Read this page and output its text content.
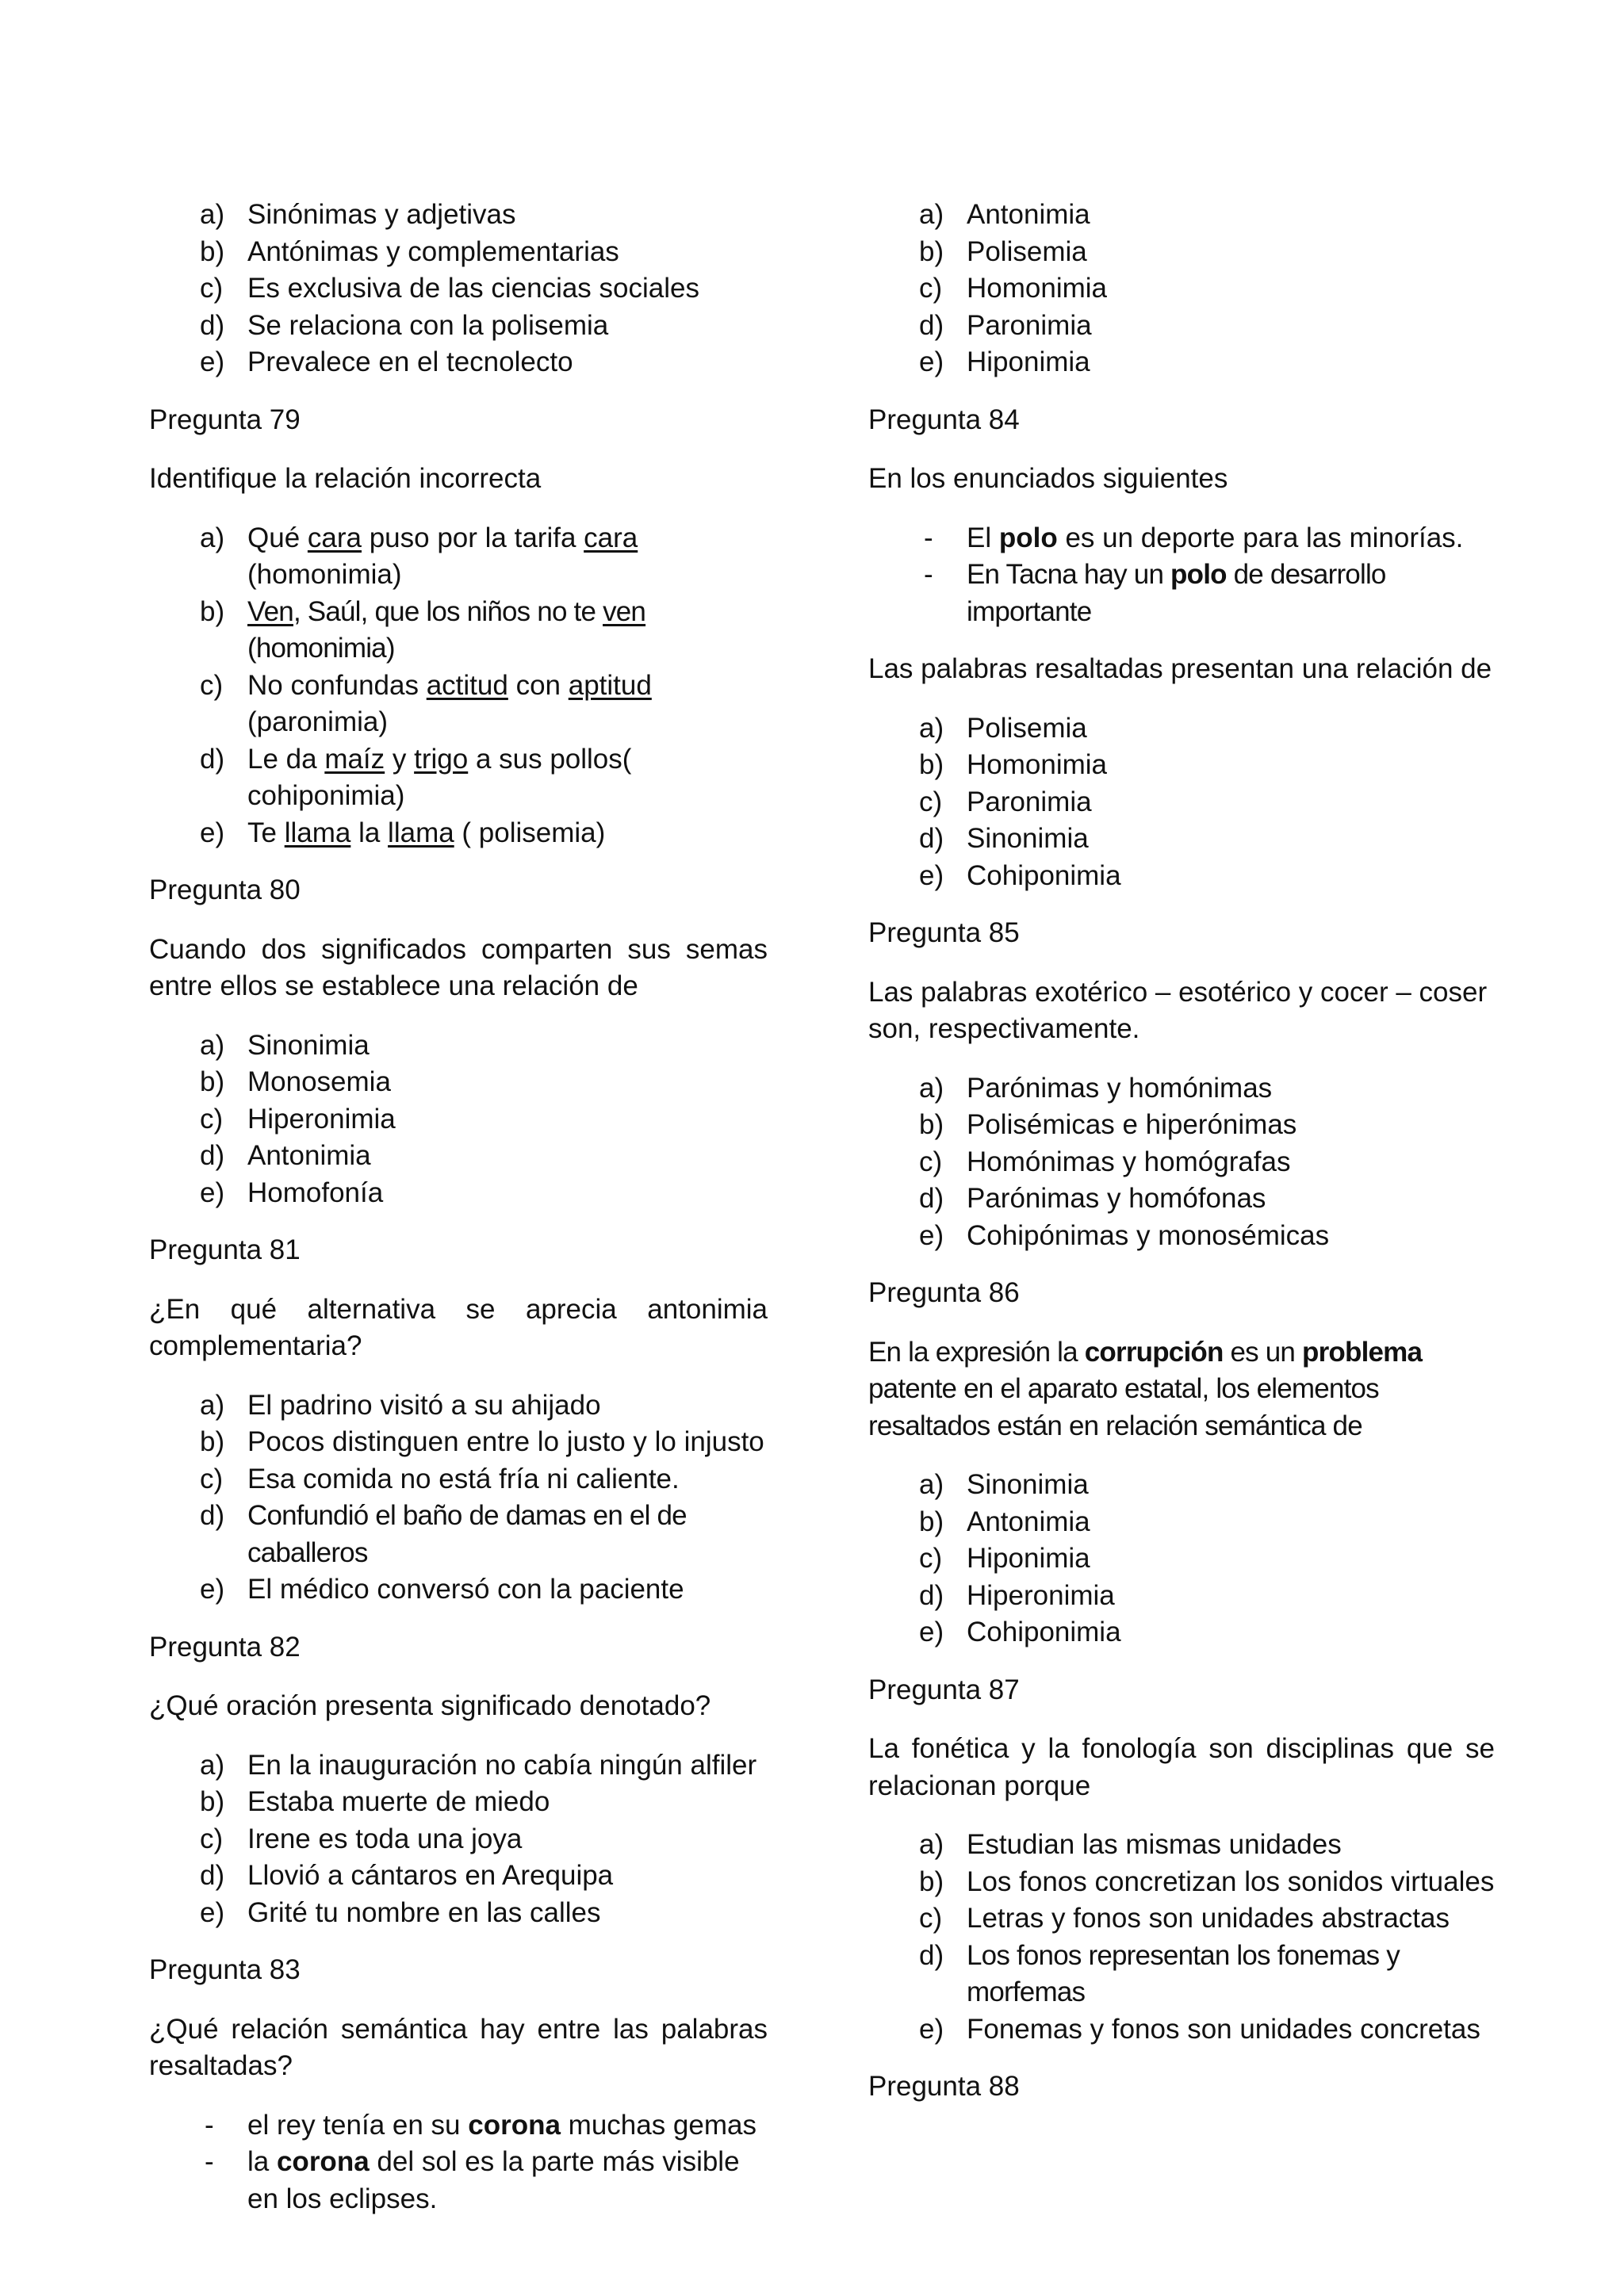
a) Sinónimas y adjetivas
b) Antónimas y complementarias
c) Es exclusiva de las ciencias sociales
d) Se relaciona con la polisemia
e) Prevalece en el tecnolecto
Pregunta 79
Identifique la relación incorrecta
a) Qué cara puso por la tarifa cara (homonimia)
b) Ven, Saúl, que los niños no te ven (homonimia)
c) No confundas actitud con aptitud (paronimia)
d) Le da maíz y trigo a sus pollos( cohiponimia)
e) Te llama la llama ( polisemia)
Pregunta 80
Cuando dos significados comparten sus semas entre ellos se establece una relación de
a) Sinonimia
b) Monosemia
c) Hiperonimia
d) Antonimia
e) Homofonía
Pregunta 81
¿En qué alternativa se aprecia antonimia
complementaria?
a) El padrino visitó a su ahijado
b) Pocos distinguen entre lo justo y lo injusto
c) Esa comida no está fría ni caliente.
d) Confundió el baño de damas en el de caballeros
e) El médico conversó con la paciente
Pregunta 82
¿Qué oración presenta significado denotado?
a) En la inauguración no cabía ningún alfiler
b) Estaba muerte de miedo
c) Irene es toda una joya
d) Llovió a cántaros en Arequipa
e) Grité tu nombre en las calles
Pregunta 83
¿Qué relación semántica hay entre las palabras
resaltadas?
-	el rey tenía en su corona muchas gemas
-	la corona del sol es la parte más visible en los eclipses.
a) Antonimia
b) Polisemia
c) Homonimia
d) Paronimia
e) Hiponimia
Pregunta 84
En los enunciados siguientes
-	El polo es un deporte para las minorías.
-	En Tacna hay un polo de desarrollo importante
Las palabras resaltadas presentan una relación de
a) Polisemia
b) Homonimia
c) Paronimia
d) Sinonimia
e) Cohiponimia
Pregunta 85
Las palabras exotérico – esotérico y cocer – coser son, respectivamente.
a) Parónimas y homónimas
b) Polisémicas e hiperónimas
c) Homónimas y homógrafas
d) Parónimas y homófonas
e) Cohipónimas y monosémicas
Pregunta 86
En la expresión la corrupción es un problema patente en el aparato estatal, los elementos resaltados están en relación semántica de
a) Sinonimia
b) Antonimia
c) Hiponimia
d) Hiperonimia
e) Cohiponimia
Pregunta 87
La fonética y la fonología son disciplinas que se relacionan porque
a) Estudian las mismas unidades
b) Los fonos concretizan los sonidos virtuales
c) Letras y fonos son unidades abstractas
d) Los fonos representan los fonemas y morfemas
e) Fonemas y fonos son unidades concretas
Pregunta 88
